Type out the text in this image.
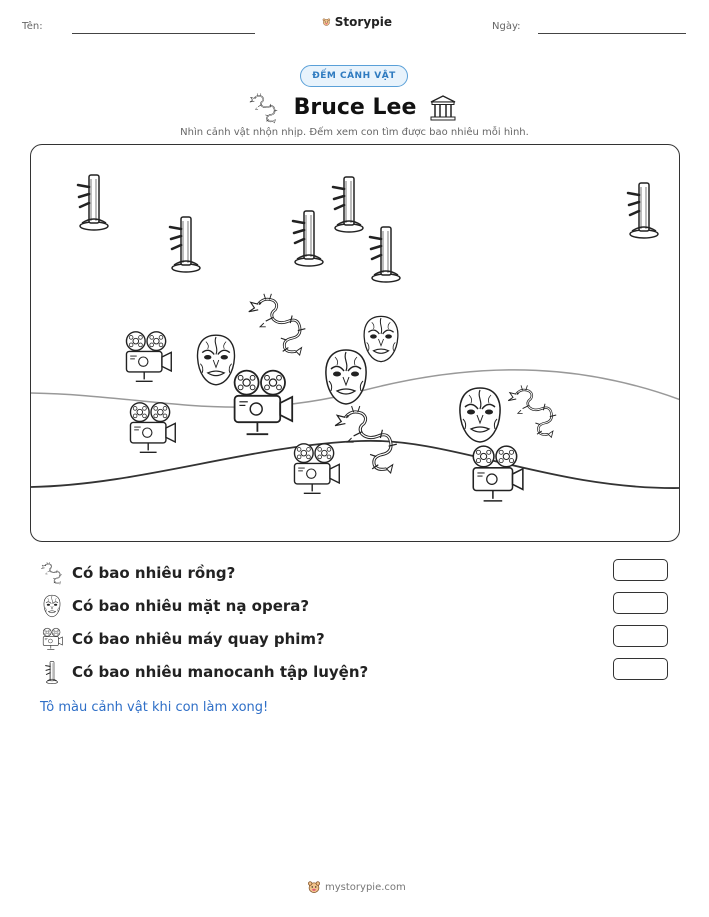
Tên:	Storypie	Ngày:
ĐẾM CẢNH VẬT
Bruce Lee
Nhìn cảnh vật nhộn nhịp. Đếm xem con tìm được bao nhiêu mỗi hình.
Có bao nhiêu rồng?
Có bao nhiêu mặt nạ opera?
Có bao nhiêu máy quay phim?
Có bao nhiêu manocanh tập luyện?
Tô màu cảnh vật khi con làm xong!
mystorypie.com
